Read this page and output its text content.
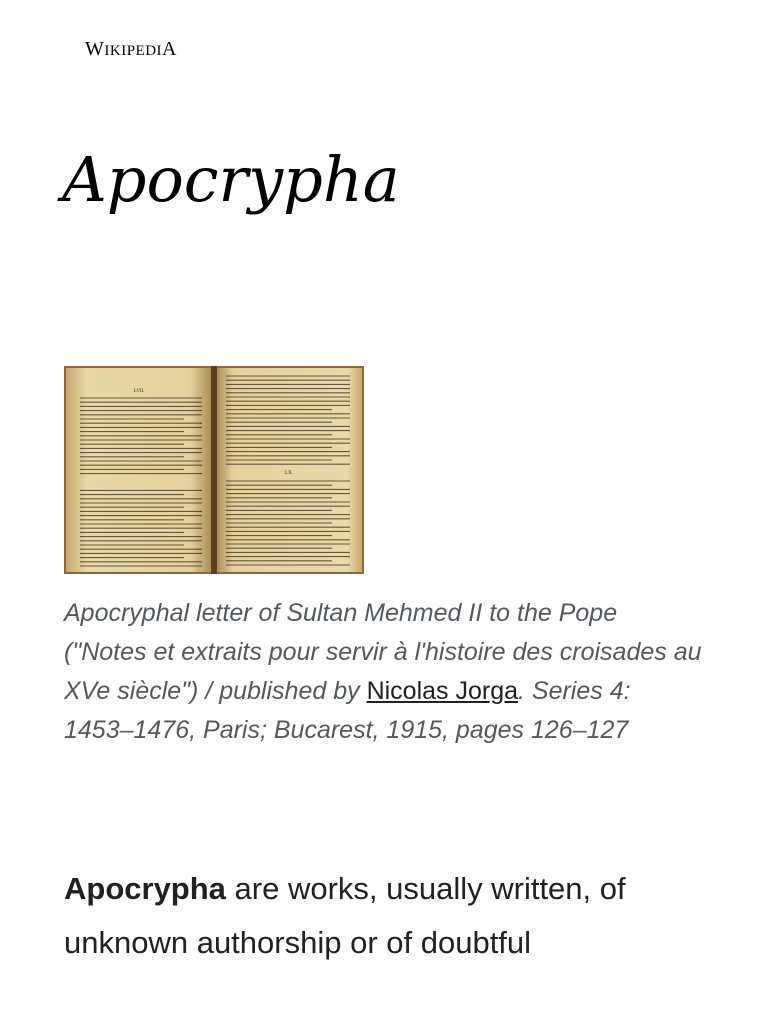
WIKIPEDIA
Apocrypha
LVII.
LX.
Apocryphal letter of Sultan Mehmed II to the Pope ("Notes et extraits pour servir à l'histoire des croisades au XVe siècle") / published by Nicolas Jorga. Series 4: 1453–1476, Paris; Bucarest, 1915, pages 126–127

Apocrypha are works, usually written, of unknown authorship or of doubtful
